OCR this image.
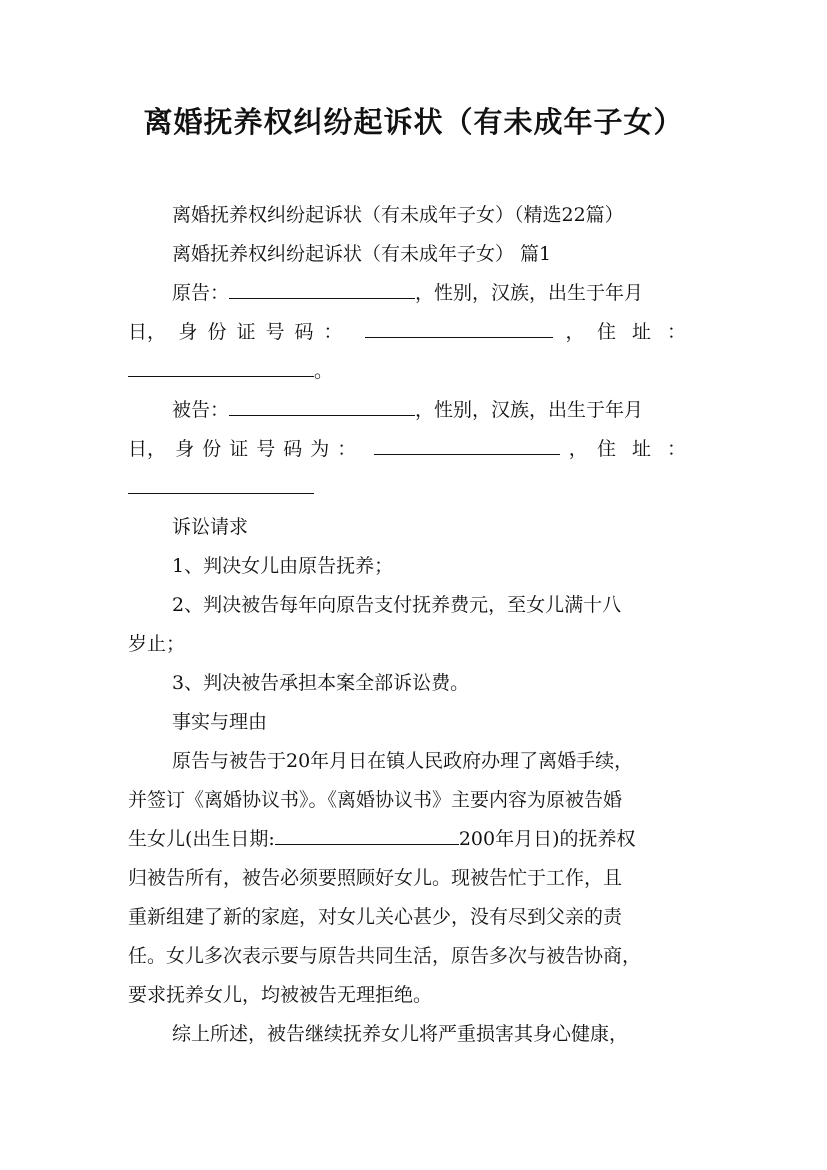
离婚抚养权纠纷起诉状（有未成年子女）
离婚抚养权纠纷起诉状（有未成年子女）（精选22篇）
离婚抚养权纠纷起诉状（有未成年子女） 篇1
原告：	，性别，汉族，出生于年月
日， 身份证号码：	， 住址：
。
被告：	，性别，汉族，出生于年月
日， 身份证号码为：	， 住址：
诉讼请求
1、判决女儿由原告抚养；
2、判决被告每年向原告支付抚养费元，至女儿满十八
岁止；
3、判决被告承担本案全部诉讼费。
事实与理由
原告与被告于20年月日在镇人民政府办理了离婚手续，
并签订《离婚协议书》。《离婚协议书》主要内容为原被告婚
生女儿(出生日期:	200年月日)的抚养权
归被告所有，被告必须要照顾好女儿。现被告忙于工作，且
重新组建了新的家庭，对女儿关心甚少，没有尽到父亲的责
任。女儿多次表示要与原告共同生活，原告多次与被告协商，
要求抚养女儿，均被被告无理拒绝。
综上所述，被告继续抚养女儿将严重损害其身心健康，
